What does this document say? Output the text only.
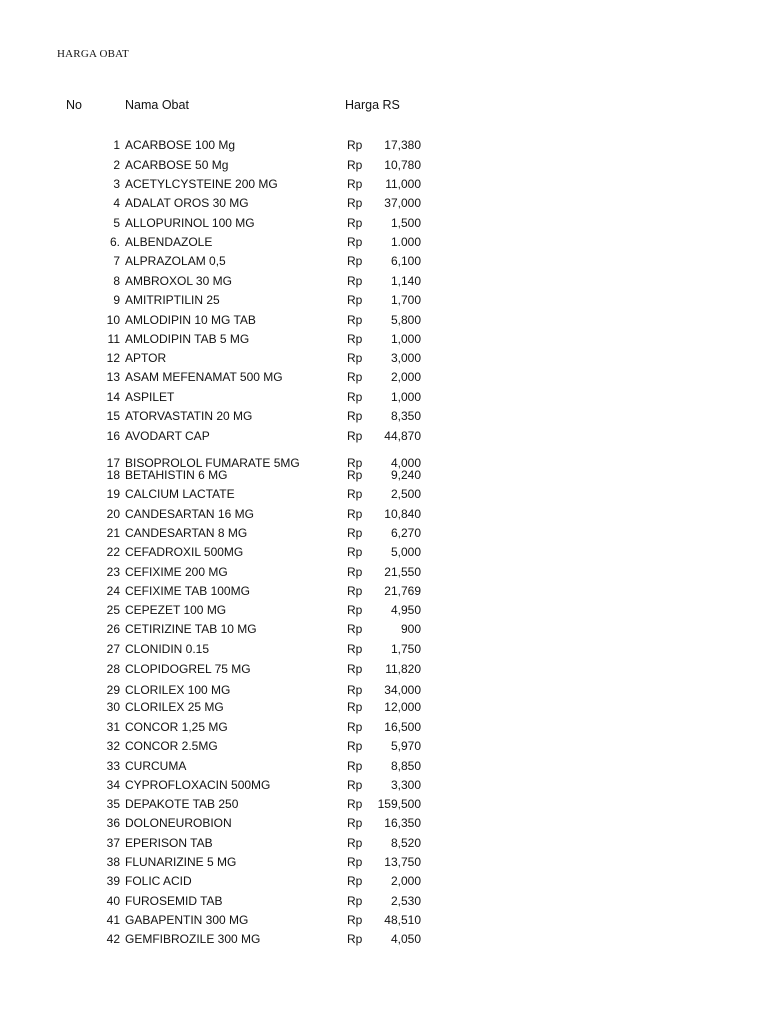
HARGA OBAT
No	Nama Obat	Harga RS
1 ACARBOSE 100 Mg	Rp 17,380
2 ACARBOSE 50 Mg	Rp 10,780
3 ACETYLCYSTEINE 200 MG	Rp 11,000
4 ADALAT OROS 30 MG	Rp 37,000
5 ALLOPURINOL 100 MG	Rp 1,500
6. ALBENDAZOLE	Rp 1.000
7 ALPRAZOLAM 0,5	Rp 6,100
8 AMBROXOL 30 MG	Rp 1,140
9 AMITRIPTILIN 25	Rp 1,700
10 AMLODIPIN 10 MG TAB	Rp 5,800
11 AMLODIPIN TAB 5 MG	Rp 1,000
12 APTOR	Rp 3,000
13 ASAM MEFENAMAT 500 MG	Rp 2,000
14 ASPILET	Rp 1,000
15 ATORVASTATIN 20 MG	Rp 8,350
16 AVODART CAP	Rp 44,870
17 BISOPROLOL FUMARATE 5MG	Rp 4,000
18 BETAHISTIN 6 MG	Rp 9,240
19 CALCIUM LACTATE	Rp 2,500
20 CANDESARTAN 16 MG	Rp 10,840
21 CANDESARTAN 8 MG	Rp 6,270
22 CEFADROXIL 500MG	Rp 5,000
23 CEFIXIME 200 MG	Rp 21,550
24 CEFIXIME TAB 100MG	Rp 21,769
25 CEPEZET 100 MG	Rp 4,950
26 CETIRIZINE TAB 10 MG	Rp	900
27 CLONIDIN 0.15	Rp 1,750
28 CLOPIDOGREL 75 MG	Rp 11,820
29 CLORILEX 100 MG	Rp 34,000
30 CLORILEX 25 MG	Rp 12,000
31 CONCOR 1,25 MG	Rp 16,500
32 CONCOR 2.5MG	Rp 5,970
33 CURCUMA	Rp 8,850
34 CYPROFLOXACIN 500MG	Rp 3,300
35 DEPAKOTE TAB 250	Rp 159,500
36 DOLONEUROBION	Rp 16,350
37 EPERISON TAB	Rp 8,520
38 FLUNARIZINE 5 MG	Rp 13,750
39 FOLIC ACID	Rp 2,000
40 FUROSEMID TAB	Rp 2,530
41 GABAPENTIN 300 MG	Rp 48,510
42 GEMFIBROZILE 300 MG	Rp 4,050
